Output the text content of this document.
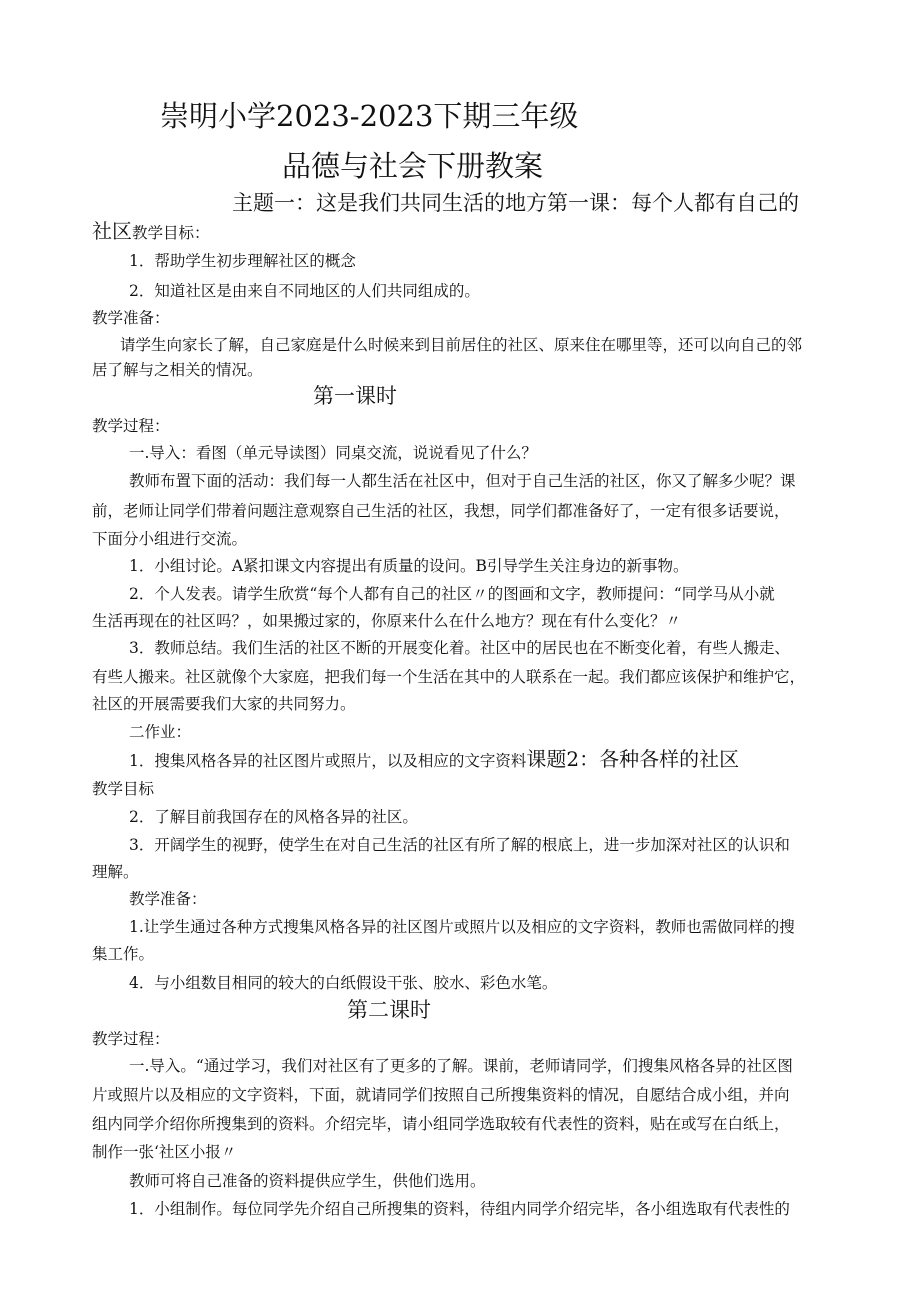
崇明小学2023-2023下期三年级
品德与社会下册教案
主题一：这是我们共同生活的地方第一课：每个人都有自己的
社区教学目标：
1．帮助学生初步理解社区的概念
2．知道社区是由来自不同地区的人们共同组成的。
教学准备：
请学生向家长了解，自己家庭是什么时候来到目前居住的社区、原来住在哪里等，还可以向自己的邻
居了解与之相关的情况。
第一课时
教学过程：
一.导入：看图（单元导读图）同桌交流，说说看见了什么？
教师布置下面的活动：我们每一人都生活在社区中，但对于自己生活的社区，你又了解多少呢？课
前，老师让同学们带着问题注意观察自己生活的社区，我想，同学们都准备好了，一定有很多话要说，
下面分小组进行交流。
1．小组讨论。A紧扣课文内容提出有质量的设问。B引导学生关注身边的新事物。
2．个人发表。请学生欣赏“每个人都有自己的社区〃的图画和文字，教师提问：“同学马从小就
生活再现在的社区吗？，如果搬过家的，你原来什么在什么地方？现在有什么变化？〃
3．教师总结。我们生活的社区不断的开展变化着。社区中的居民也在不断变化着，有些人搬走、
有些人搬来。社区就像个大家庭，把我们每一个生活在其中的人联系在一起。我们都应该保护和维护它，
社区的开展需要我们大家的共同努力。
二作业：
1．搜集风格各异的社区图片或照片，以及相应的文字资料课题2：各种各样的社区
教学目标
2．了解目前我国存在的风格各异的社区。
3．开阔学生的视野，使学生在对自己生活的社区有所了解的根底上，进一步加深对社区的认识和
理解。
教学准备：
1.让学生通过各种方式搜集风格各异的社区图片或照片以及相应的文字资料，教师也需做同样的搜
集工作。
4．与小组数目相同的较大的白纸假设干张、胶水、彩色水笔。
第二课时
教学过程：
一.导入。“通过学习，我们对社区有了更多的了解。课前，老师请同学，们搜集风格各异的社区图
片或照片以及相应的文字资料，下面，就请同学们按照自己所搜集资料的情况，自愿结合成小组，并向
组内同学介绍你所搜集到的资料。介绍完毕，请小组同学选取较有代表性的资料，贴在或写在白纸上，
制作一张‘社区小报〃
教师可将自己准备的资料提供应学生，供他们选用。
1．小组制作。每位同学先介绍自己所搜集的资料，待组内同学介绍完毕，各小组选取有代表性的
